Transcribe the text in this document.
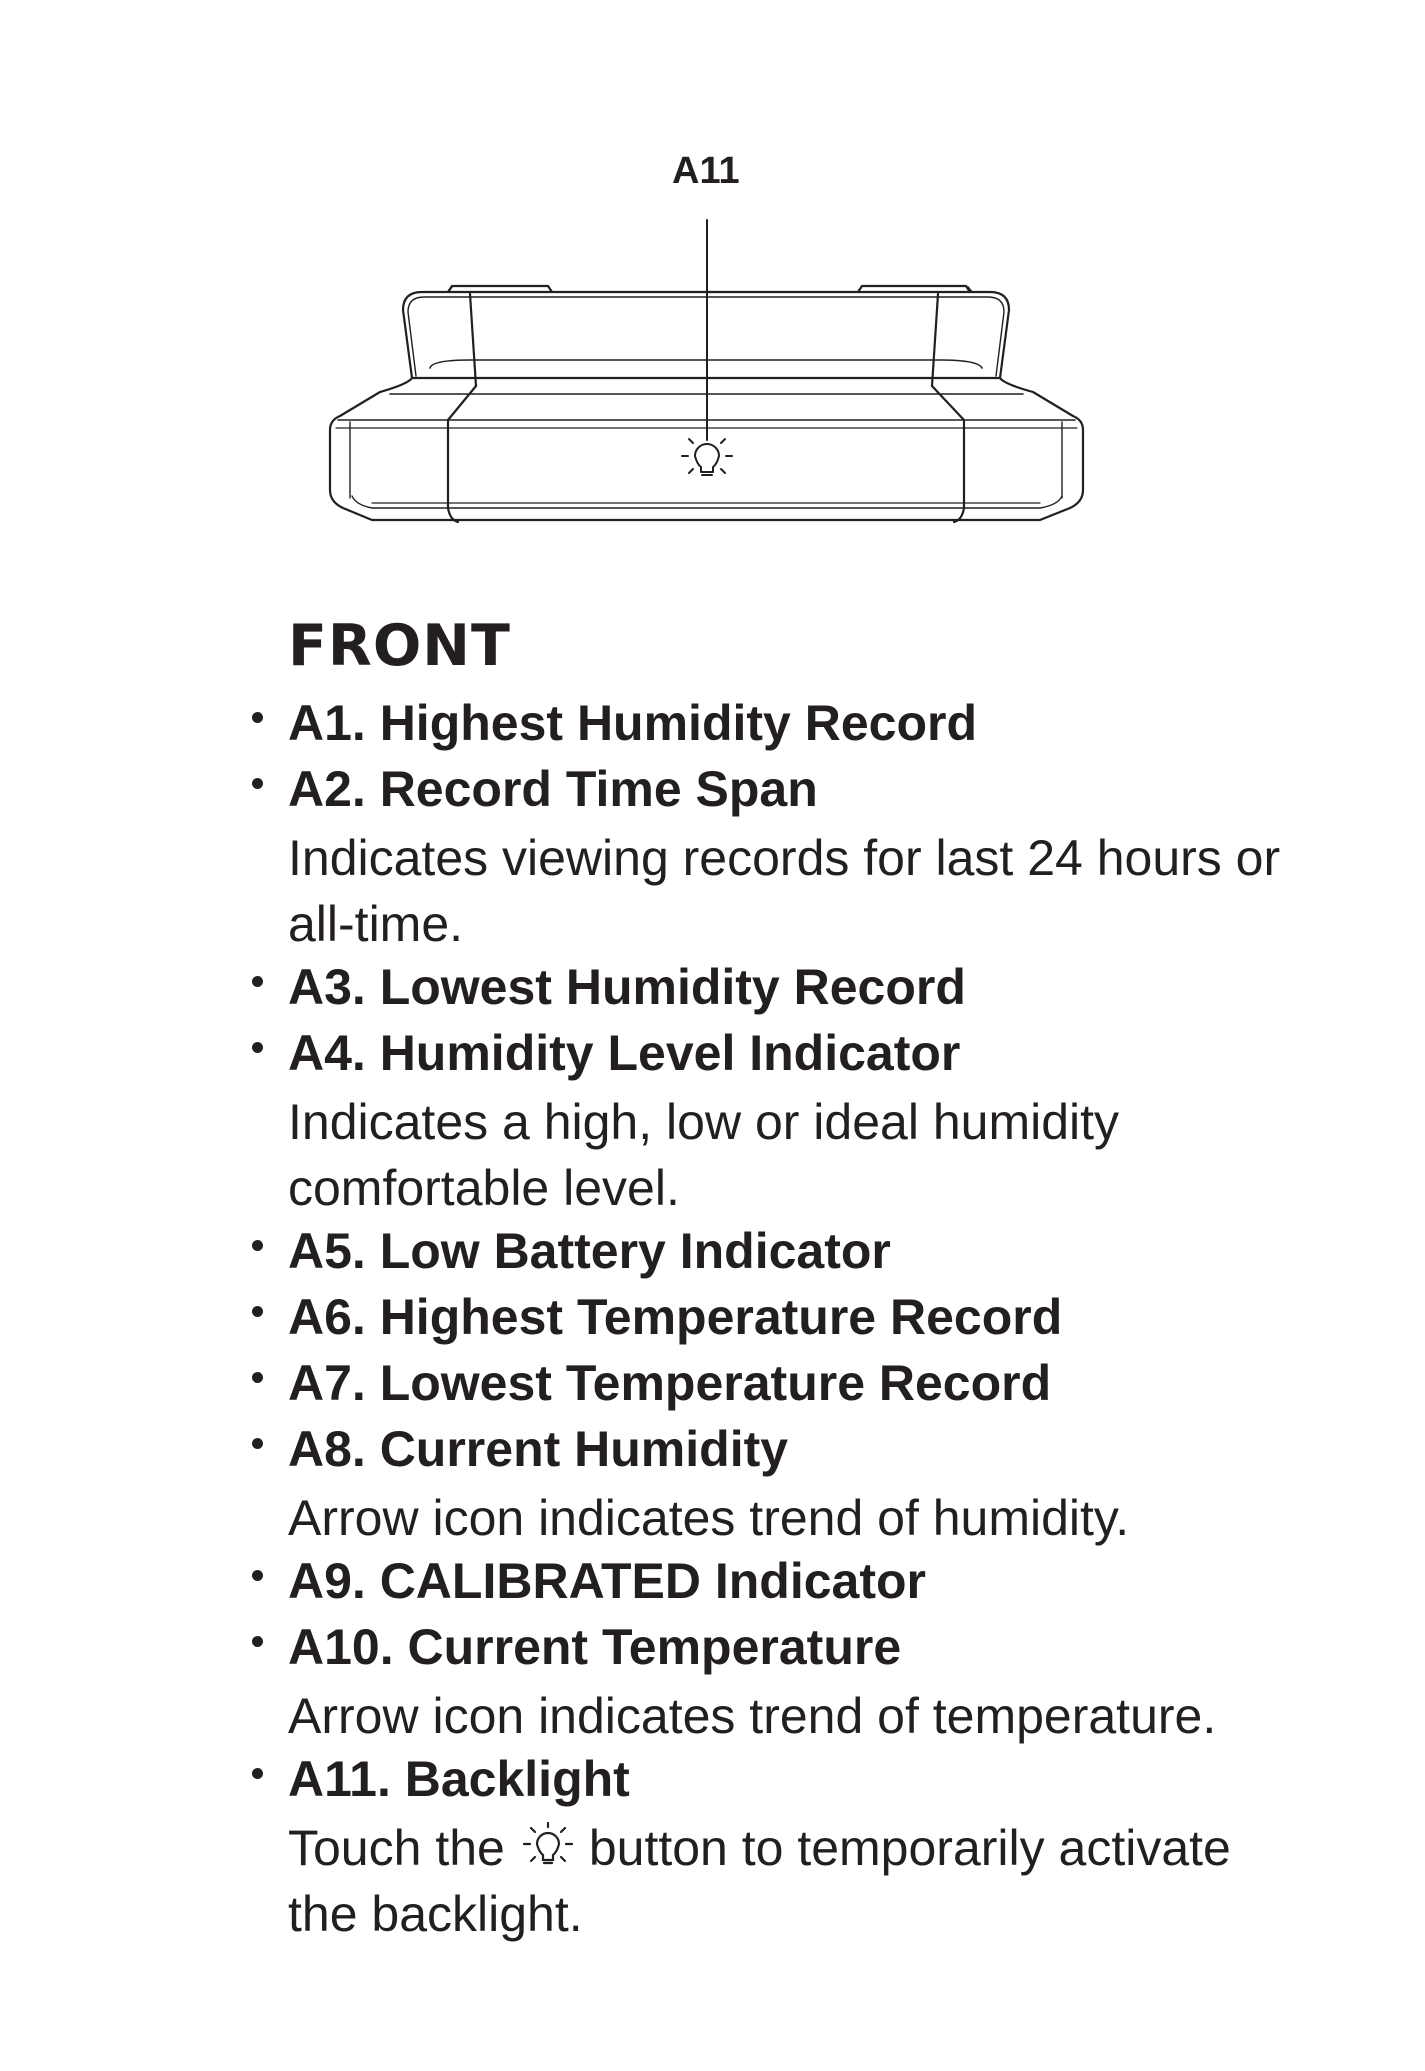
A11
FRONT
A1. Highest Humidity Record
A2. Record Time Span
Indicates viewing records for last 24 hours or
all-time.
A3. Lowest Humidity Record
A4. Humidity Level Indicator
Indicates a high, low or ideal humidity
comfortable level.
A5. Low Battery Indicator
A6. Highest Temperature Record
A7. Lowest Temperature Record
A8. Current Humidity
Arrow icon indicates trend of humidity.
A9. CALIBRATED Indicator
A10. Current Temperature
Arrow icon indicates trend of temperature.
A11. Backlight
Touch the button to temporarily activate
the backlight.
